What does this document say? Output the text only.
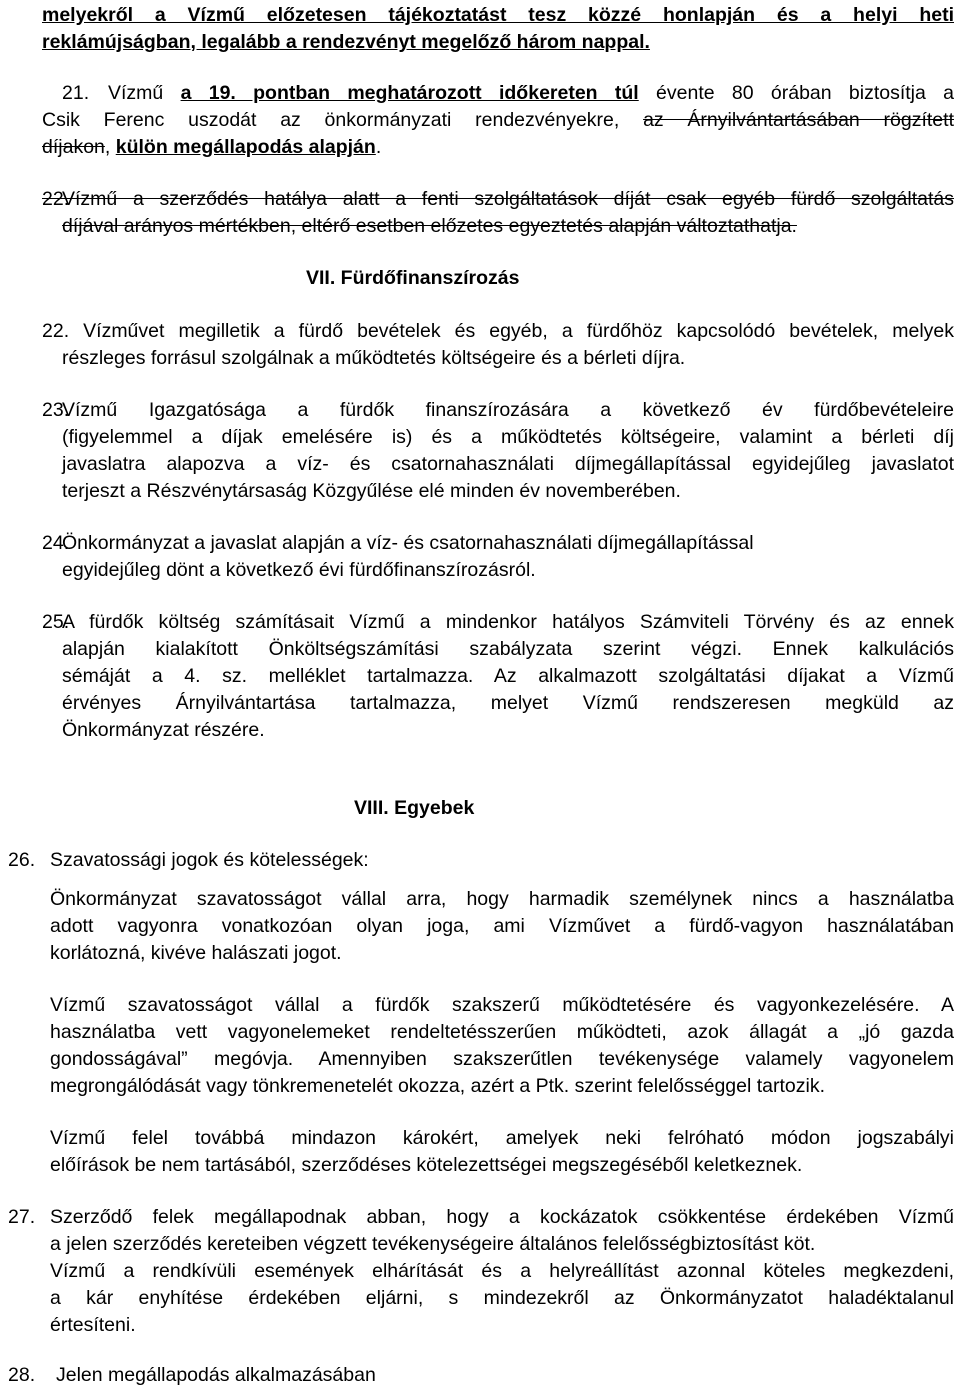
melyekről a Vízmű előzetesen tájékoztatást tesz közzé honlapján és a helyi heti
reklámújságban, legalább a rendezvényt megelőző három nappal.
21. Vízmű a 19. pontban meghatározott időkereten túl évente 80 órában biztosítja a
Csik Ferenc uszodát az önkormányzati rendezvényekre, az Árnyilvántartásában rögzített
díjakon, külön megállapodás alapján.
22.
Vízmű a szerződés hatálya alatt a fenti szolgáltatások díját csak egyéb fürdő szolgáltatás
díjával arányos mértékben, eltérő esetben előzetes egyeztetés alapján változtathatja.
VII. Fürdőfinanszírozás
22. Vízművet megilletik a fürdő bevételek és egyéb, a fürdőhöz kapcsolódó bevételek, melyek
részleges forrásul szolgálnak a működtetés költségeire és a bérleti díjra.
23.
Vízmű Igazgatósága a fürdők finanszírozására a következő év fürdőbevételeire
(figyelemmel a díjak emelésére is) és a működtetés költségeire, valamint a bérleti díj
javaslatra alapozva a víz- és csatornahasználati díjmegállapítással egyidejűleg javaslatot
terjeszt a Részvénytársaság Közgyűlése elé minden év novemberében.
24.
Önkormányzat a javaslat alapján a víz- és csatornahasználati díjmegállapítással
egyidejűleg dönt a következő évi fürdőfinanszírozásról.
25.
A fürdők költség számításait Vízmű a mindenkor hatályos Számviteli Törvény és az ennek
alapján kialakított Önköltségszámítási szabályzata szerint végzi. Ennek kalkulációs
sémáját a 4. sz. melléklet tartalmazza. Az alkalmazott szolgáltatási díjakat a Vízmű
érvényes Árnyilvántartása tartalmazza, melyet Vízmű rendszeresen megküld az
Önkormányzat részére.
VIII. Egyebek
26. Szavatossági jogok és kötelességek:
Önkormányzat szavatosságot vállal arra, hogy harmadik személynek nincs a használatba
adott vagyonra vonatkozóan olyan joga, ami Vízművet a fürdő-vagyon használatában
korlátozná, kivéve halászati jogot.
Vízmű szavatosságot vállal a fürdők szakszerű működtetésére és vagyonkezelésére. A
használatba vett vagyonelemeket rendeltetésszerűen működteti, azok állagát a „jó gazda
gondosságával” megóvja. Amennyiben szakszerűtlen tevékenysége valamely vagyonelem
megrongálódását vagy tönkremenetelét okozza, azért a Ptk. szerint felelősséggel tartozik.
Vízmű felel továbbá mindazon károkért, amelyek neki felróható módon jogszabályi
előírások be nem tartásából, szerződéses kötelezettségei megszegéséből keletkeznek.
27. Szerződő felek megállapodnak abban, hogy a kockázatok csökkentése érdekében Vízmű
a jelen szerződés kereteiben végzett tevékenységeire általános felelősségbiztosítást köt.
Vízmű a rendkívüli események elhárítását és a helyreállítást azonnal köteles megkezdeni,
a kár enyhítése érdekében eljárni, s mindezekről az Önkormányzatot haladéktalanul
értesíteni.
28. Jelen megállapodás alkalmazásában
